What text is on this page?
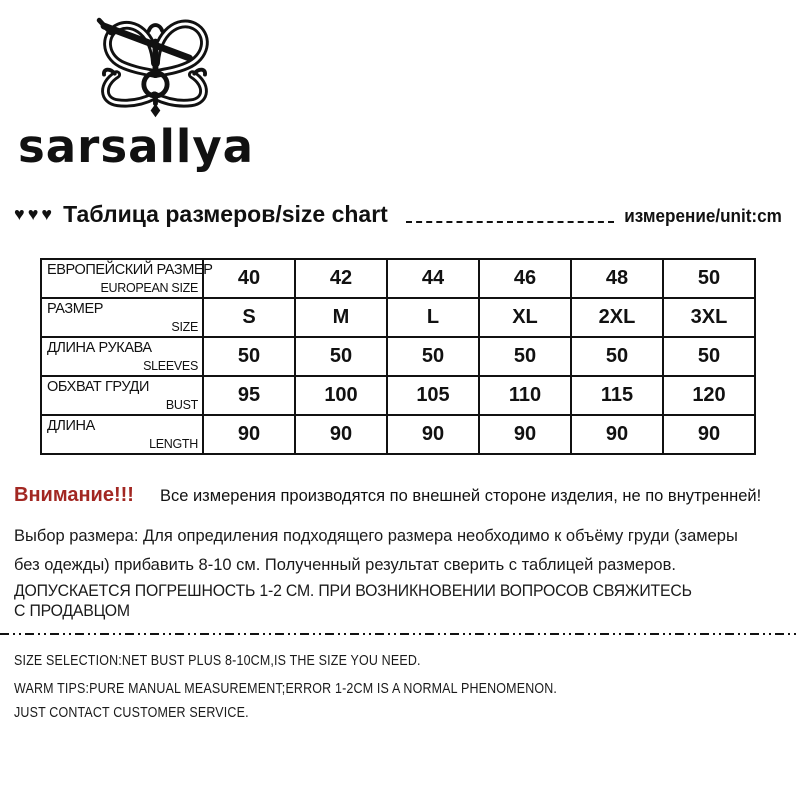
sarsallya
♥♥♥ Таблица размеров/size chart	измерение/unit:cm
ЕВРОПЕЙСКИЙ РАЗМЕР
EUROPEAN SIZE	40	42	44	46	48	50

РАЗМЕР
SIZE	S	M	L	XL	2XL	3XL

ДЛИНА РУКАВА
SLEEVES	50	50	50	50	50	50

ОБХВАТ ГРУДИ
BUST	95	100	105	110	115	120

ДЛИНА
LENGTH	90	90	90	90	90	90
Внимание!!! Все измерения производятся по внешней стороне изделия, не по внутренней!
Выбор размера: Для опредиления подходящего размера необходимо к объёму груди (замеры
без одежды) прибавить 8-10 см. Полученный результат сверить с таблицей размеров.
ДОПУСКАЕТСЯ ПОГРЕШНОСТЬ 1-2 СМ. ПРИ ВОЗНИКНОВЕНИИ ВОПРОСОВ СВЯЖИТЕСЬ
С ПРОДАВЦОМ
SIZE SELECTION:NET BUST PLUS 8-10CM,IS THE SIZE YOU NEED.
WARM TIPS:PURE MANUAL MEASUREMENT;ERROR 1-2CM IS A NORMAL PHENOMENON.
JUST CONTACT CUSTOMER SERVICE.
